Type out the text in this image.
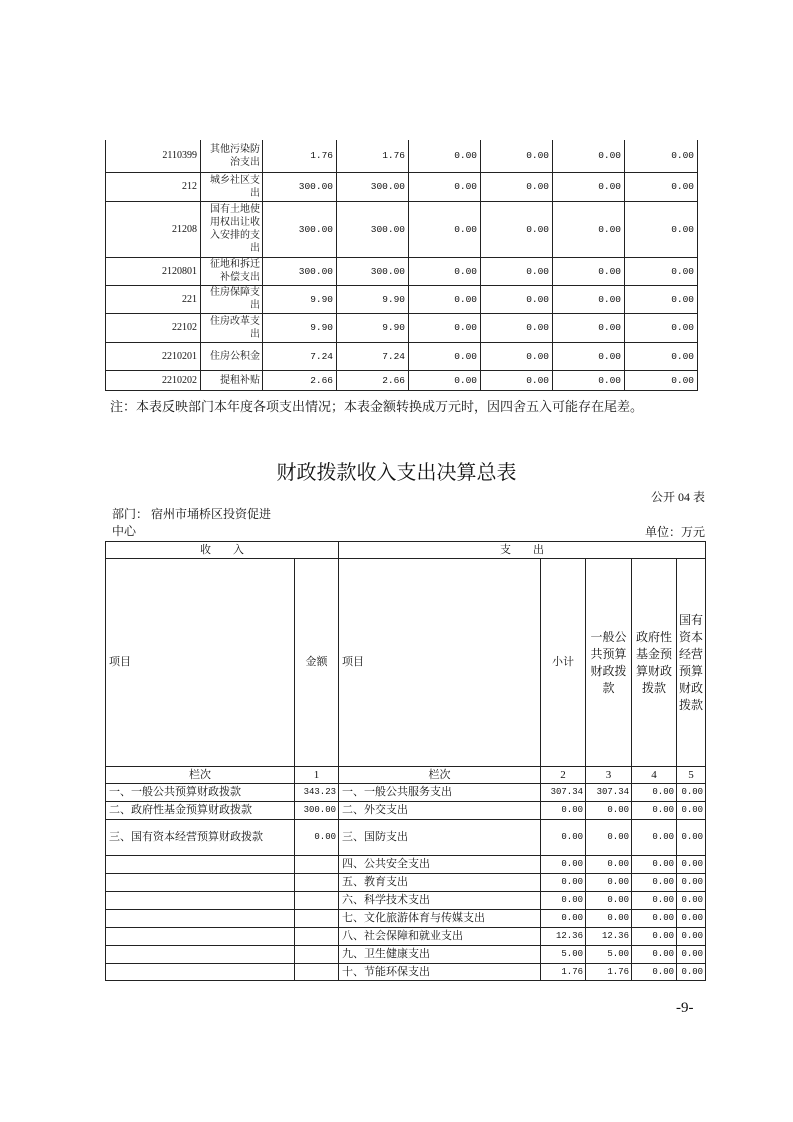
2110399	其他污染防治支出	1.76	1.76	0.00	0.00	0.00	0.00
212	城乡社区支出	300.00	300.00	0.00	0.00	0.00	0.00
21208	国有土地使用权出让收入安排的支出	300.00	300.00	0.00	0.00	0.00	0.00
2120801	征地和拆迁补偿支出	300.00	300.00	0.00	0.00	0.00	0.00
221	住房保障支出	9.90	9.90	0.00	0.00	0.00	0.00
22102	住房改革支出	9.90	9.90	0.00	0.00	0.00	0.00
2210201	住房公积金	7.24	7.24	0.00	0.00	0.00	0.00
2210202	提租补贴	2.66	2.66	0.00	0.00	0.00	0.00
注：本表反映部门本年度各项支出情况；本表金额转换成万元时，因四舍五入可能存在尾差。
财政拨款收入支出决算总表
公开 04 表
部门： 宿州市埇桥区投资促进
中心	单位：万元
收　　入		支　　出				
项目	金额	项目	小计	一般公共预算财政拨款	政府性基金预算财政拨款	国有资本经营预算财政拨款
栏次	1	栏次	2	3	4	5
一、一般公共预算财政拨款	343.23	一、一般公共服务支出	307.34	307.34	0.00	0.00
二、政府性基金预算财政拨款	300.00	二、外交支出	0.00	0.00	0.00	0.00
三、国有资本经营预算财政拨款	0.00	三、国防支出	0.00	0.00	0.00	0.00
		四、公共安全支出	0.00	0.00	0.00	0.00
		五、教育支出	0.00	0.00	0.00	0.00
		六、科学技术支出	0.00	0.00	0.00	0.00
		七、文化旅游体育与传媒支出	0.00	0.00	0.00	0.00
		八、社会保障和就业支出	12.36	12.36	0.00	0.00
		九、卫生健康支出	5.00	5.00	0.00	0.00
		十、节能环保支出	1.76	1.76	0.00	0.00
-9-
